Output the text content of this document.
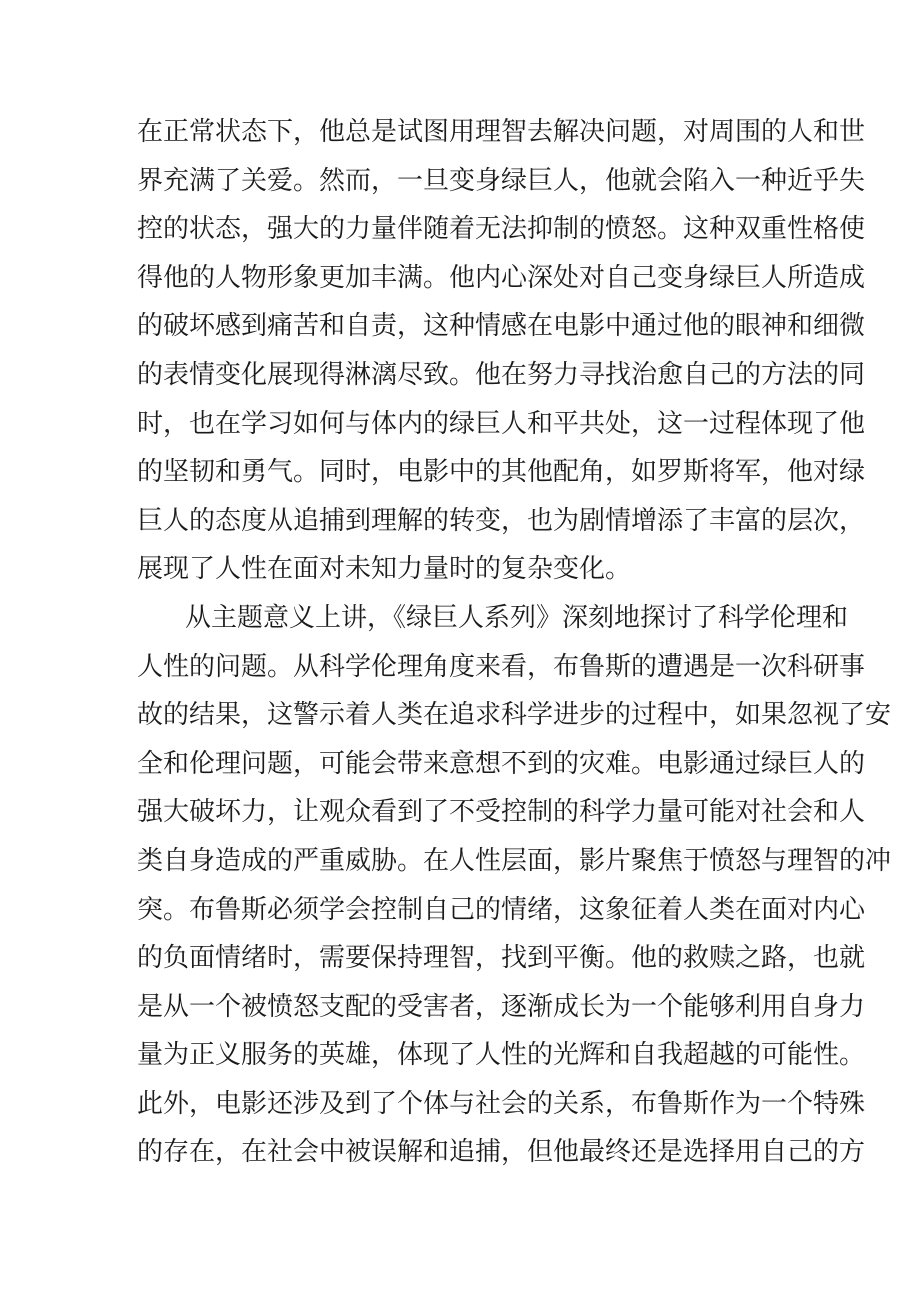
在正常状态下，他总是试图用理智去解决问题，对周围的人和世
界充满了关爱。然而，一旦变身绿巨人，他就会陷入一种近乎失
控的状态，强大的力量伴随着无法抑制的愤怒。这种双重性格使
得他的人物形象更加丰满。他内心深处对自己变身绿巨人所造成
的破坏感到痛苦和自责，这种情感在电影中通过他的眼神和细微
的表情变化展现得淋漓尽致。他在努力寻找治愈自己的方法的同
时，也在学习如何与体内的绿巨人和平共处，这一过程体现了他
的坚韧和勇气。同时，电影中的其他配角，如罗斯将军，他对绿
巨人的态度从追捕到理解的转变，也为剧情增添了丰富的层次，
展现了人性在面对未知力量时的复杂变化。
从主题意义上讲，《绿巨人系列》深刻地探讨了科学伦理和
人性的问题。从科学伦理角度来看，布鲁斯的遭遇是一次科研事
故的结果，这警示着人类在追求科学进步的过程中，如果忽视了安
全和伦理问题，可能会带来意想不到的灾难。电影通过绿巨人的
强大破坏力，让观众看到了不受控制的科学力量可能对社会和人
类自身造成的严重威胁。在人性层面，影片聚焦于愤怒与理智的冲
突。布鲁斯必须学会控制自己的情绪，这象征着人类在面对内心
的负面情绪时，需要保持理智，找到平衡。他的救赎之路，也就
是从一个被愤怒支配的受害者，逐渐成长为一个能够利用自身力
量为正义服务的英雄，体现了人性的光辉和自我超越的可能性。
此外，电影还涉及到了个体与社会的关系，布鲁斯作为一个特殊
的存在，在社会中被误解和追捕，但他最终还是选择用自己的方
